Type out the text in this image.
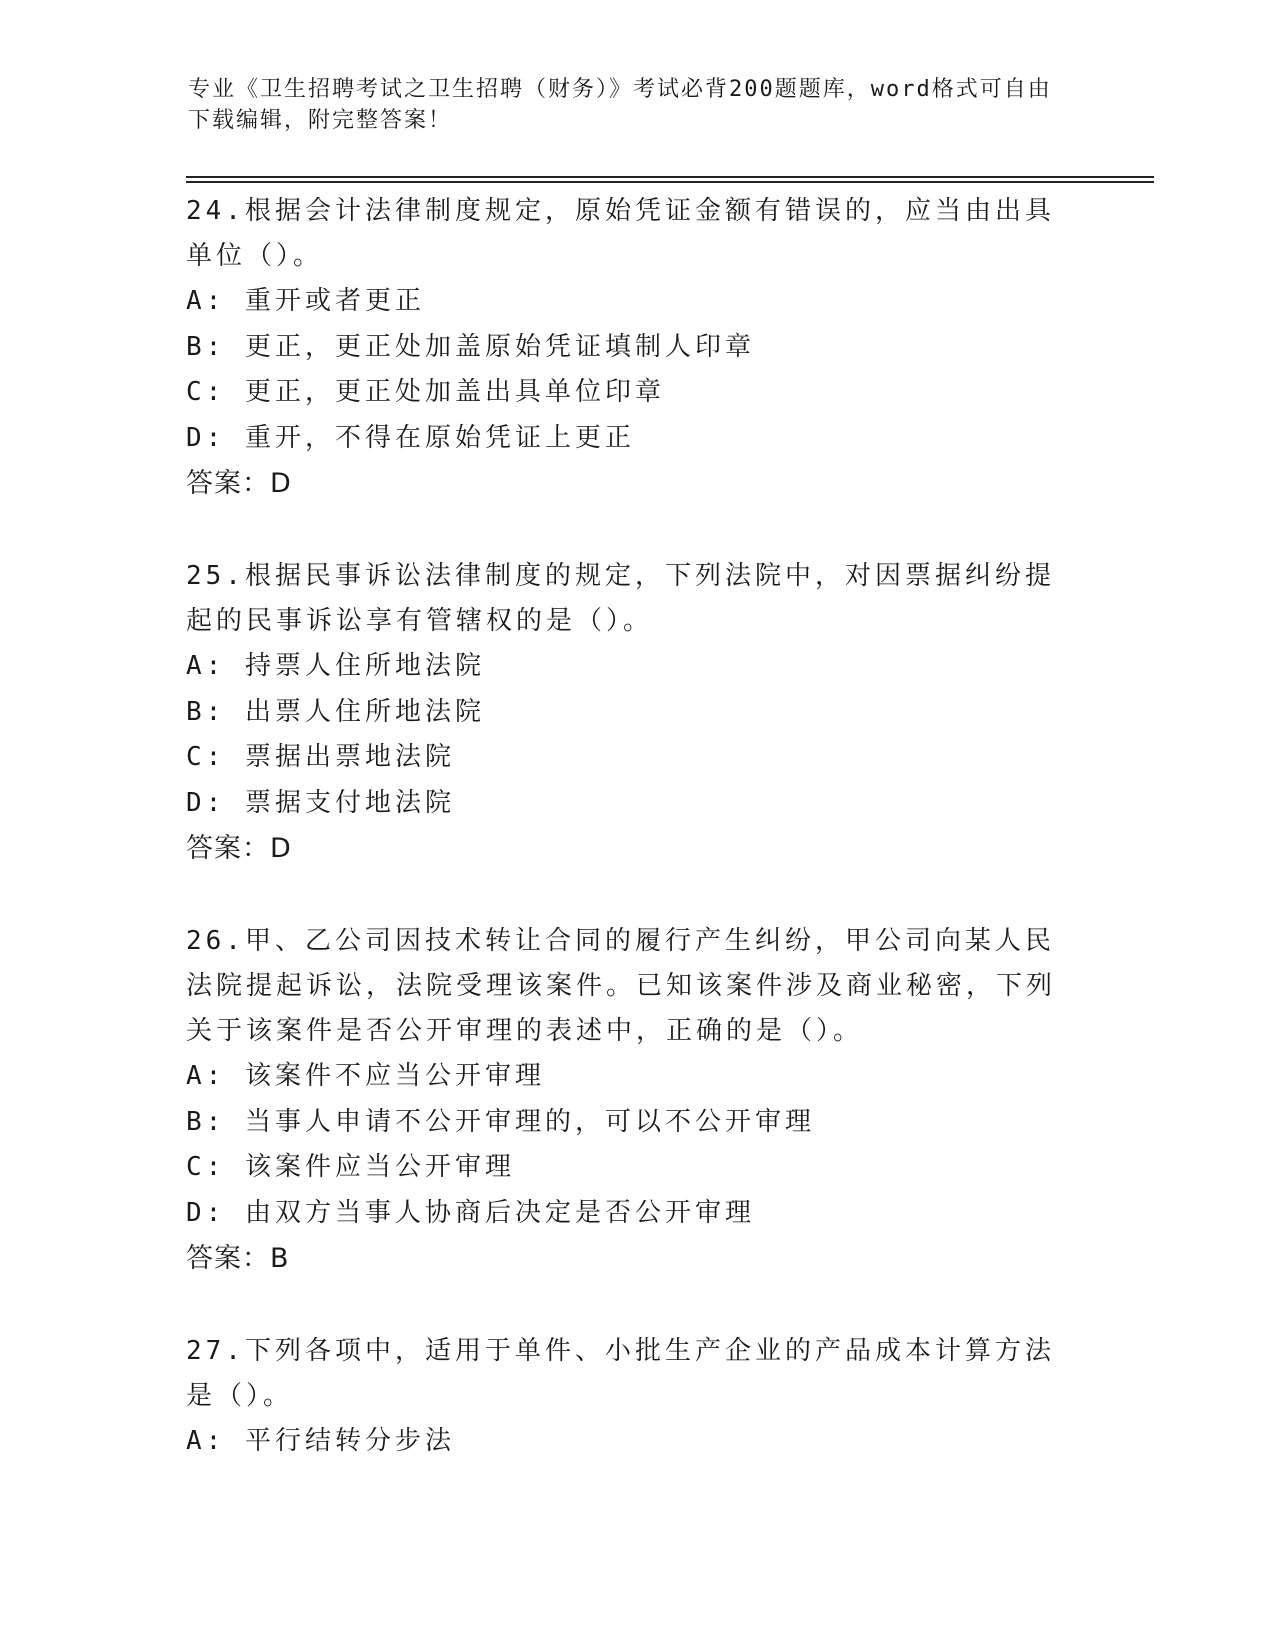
专业《卫生招聘考试之卫生招聘（财务）》考试必背200题题库，word格式可自由下载编辑，附完整答案！
24.根据会计法律制度规定，原始凭证金额有错误的，应当由出具单位（）。
A: 重开或者更正
B: 更正，更正处加盖原始凭证填制人印章
C: 更正，更正处加盖出具单位印章
D: 重开，不得在原始凭证上更正
答案：D
25.根据民事诉讼法律制度的规定，下列法院中，对因票据纠纷提起的民事诉讼享有管辖权的是（）。
A: 持票人住所地法院
B: 出票人住所地法院
C: 票据出票地法院
D: 票据支付地法院
答案：D
26.甲、乙公司因技术转让合同的履行产生纠纷，甲公司向某人民法院提起诉讼，法院受理该案件。已知该案件涉及商业秘密，下列关于该案件是否公开审理的表述中，正确的是（）。
A: 该案件不应当公开审理
B: 当事人申请不公开审理的，可以不公开审理
C: 该案件应当公开审理
D: 由双方当事人协商后决定是否公开审理
答案：B
27.下列各项中，适用于单件、小批生产企业的产品成本计算方法是（）。
A: 平行结转分步法
